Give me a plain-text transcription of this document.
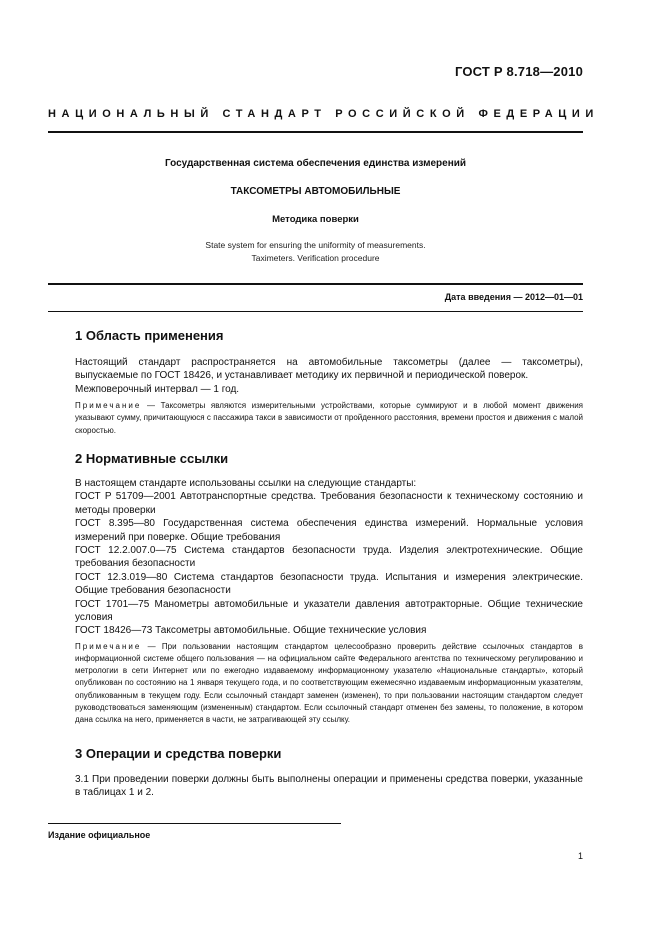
ГОСТ Р 8.718—2010
НАЦИОНАЛЬНЫЙ СТАНДАРТ РОССИЙСКОЙ ФЕДЕРАЦИИ
Государственная система обеспечения единства измерений
ТАКСОМЕТРЫ АВТОМОБИЛЬНЫЕ
Методика поверки
State system for ensuring the uniformity of measurements.
Taximeters. Verification procedure
Дата введения — 2012—01—01
1 Область применения

Настоящий стандарт распространяется на автомобильные таксометры (далее — таксометры), выпускаемые по ГОСТ 18426, и устанавливает методику их первичной и периодической поверок.

Межповерочный интервал — 1 год.

Примечание — Таксометры являются измерительными устройствами, которые суммируют и в любой момент движения указывают сумму, причитающуюся с пассажира такси в зависимости от пройденного расстояния, времени простоя и движения с малой скоростью.

2 Нормативные ссылки

В настоящем стандарте использованы ссылки на следующие стандарты:

ГОСТ Р 51709—2001 Автотранспортные средства. Требования безопасности к техническому состоянию и методы проверки

ГОСТ 8.395—80 Государственная система обеспечения единства измерений. Нормальные условия измерений при поверке. Общие требования

ГОСТ 12.2.007.0—75 Система стандартов безопасности труда. Изделия электротехнические. Общие требования безопасности

ГОСТ 12.3.019—80 Система стандартов безопасности труда. Испытания и измерения электрические. Общие требования безопасности

ГОСТ 1701—75 Манометры автомобильные и указатели давления автотракторные. Общие технические условия

ГОСТ 18426—73 Таксометры автомобильные. Общие технические условия

Примечание — При пользовании настоящим стандартом целесообразно проверить действие ссылочных стандартов в информационной системе общего пользования — на официальном сайте Федерального агентства по техническому регулированию и метрологии в сети Интернет или по ежегодно издаваемому информационному указателю «Национальные стандарты», который опубликован по состоянию на 1 января текущего года, и по соответствующим ежемесячно издаваемым информационным указателям, опубликованным в текущем году. Если ссылочный стандарт заменен (изменен), то при пользовании настоящим стандартом следует руководствоваться заменяющим (измененным) стандартом. Если ссылочный стандарт отменен без замены, то положение, в котором дана ссылка на него, применяется в части, не затрагивающей эту ссылку.

3 Операции и средства поверки

3.1 При проведении поверки должны быть выполнены операции и применены средства поверки, указанные в таблицах 1 и 2.

Издание официальное
1
